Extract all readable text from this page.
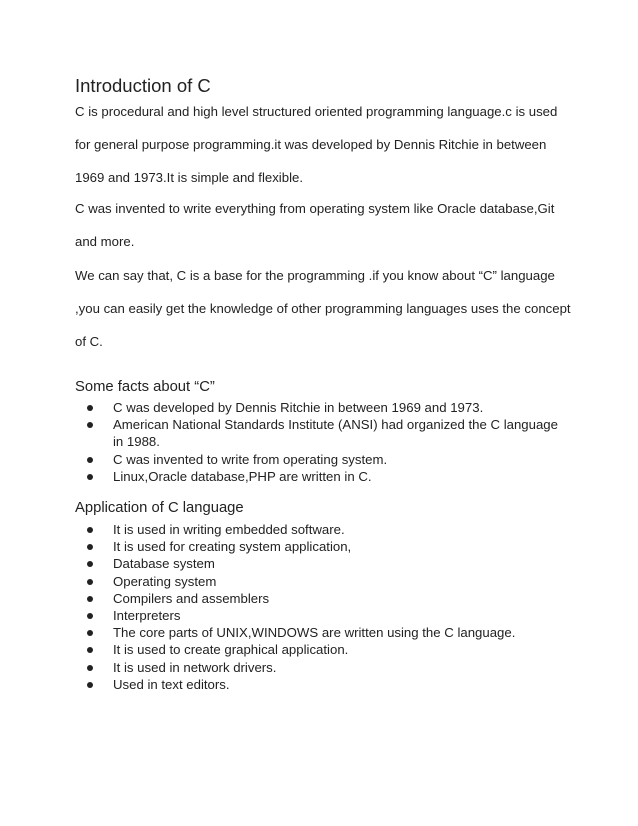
Introduction of C

C is procedural and high level structured oriented programming language.c is used for general purpose programming.it was developed by Dennis Ritchie in between 1969 and 1973.It is simple and flexible.

C was invented to write everything from operating system like Oracle database,Git and more.

We can say that, C is a base for the programming .if you know about “C” language ,you can easily get the knowledge of other programming languages uses the concept of C.

Some facts about “C”
C was developed by Dennis Ritchie in between 1969 and 1973.
American National Standards Institute (ANSI) had organized the C language in 1988.
C was invented to write from operating system.
Linux,Oracle database,PHP are written in C.
Application of C language
It is used in writing embedded software.
It is used for creating system application,
Database system
Operating system
Compilers and assemblers
Interpreters
The core parts of UNIX,WINDOWS are written using the C language.
It is used to create graphical application.
It is used in network drivers.
Used in text editors.
